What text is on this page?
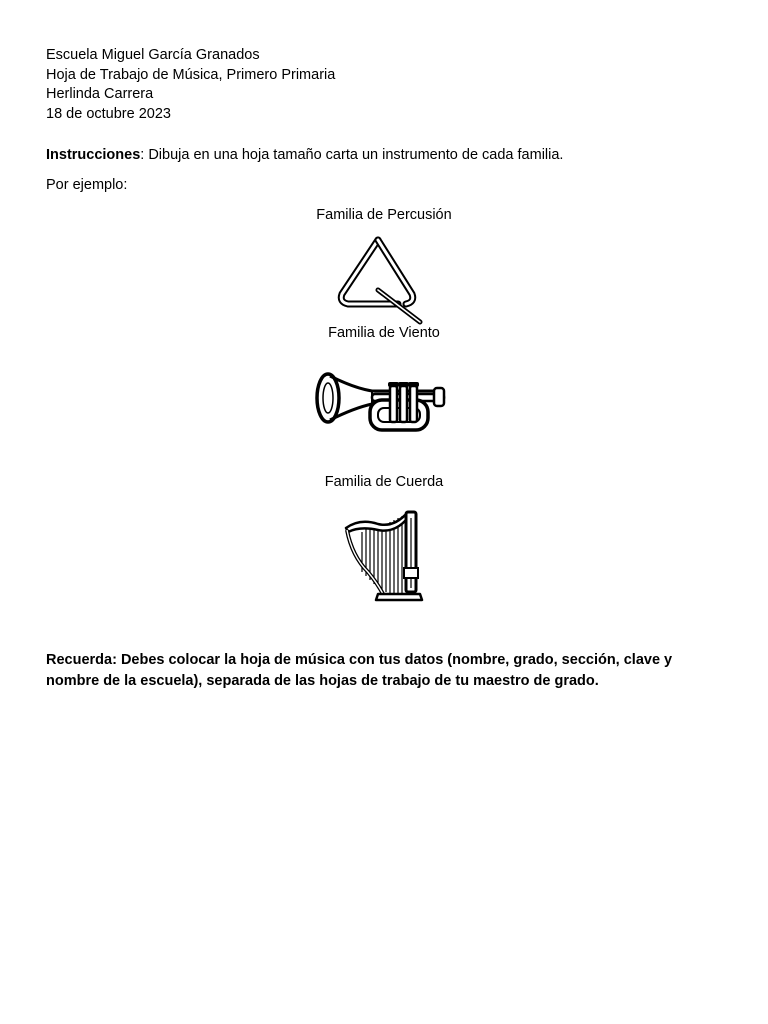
Escuela Miguel García Granados
Hoja de Trabajo de Música, Primero Primaria
Herlinda Carrera
18 de octubre 2023
Instrucciones: Dibuja en una hoja tamaño carta un instrumento de cada familia.
Por ejemplo:
Familia de Percusión
Familia de Viento
Familia de Cuerda
Recuerda: Debes colocar la hoja de música con tus datos (nombre, grado, sección, clave y nombre de la escuela), separada de las hojas de trabajo de tu maestro de grado.
